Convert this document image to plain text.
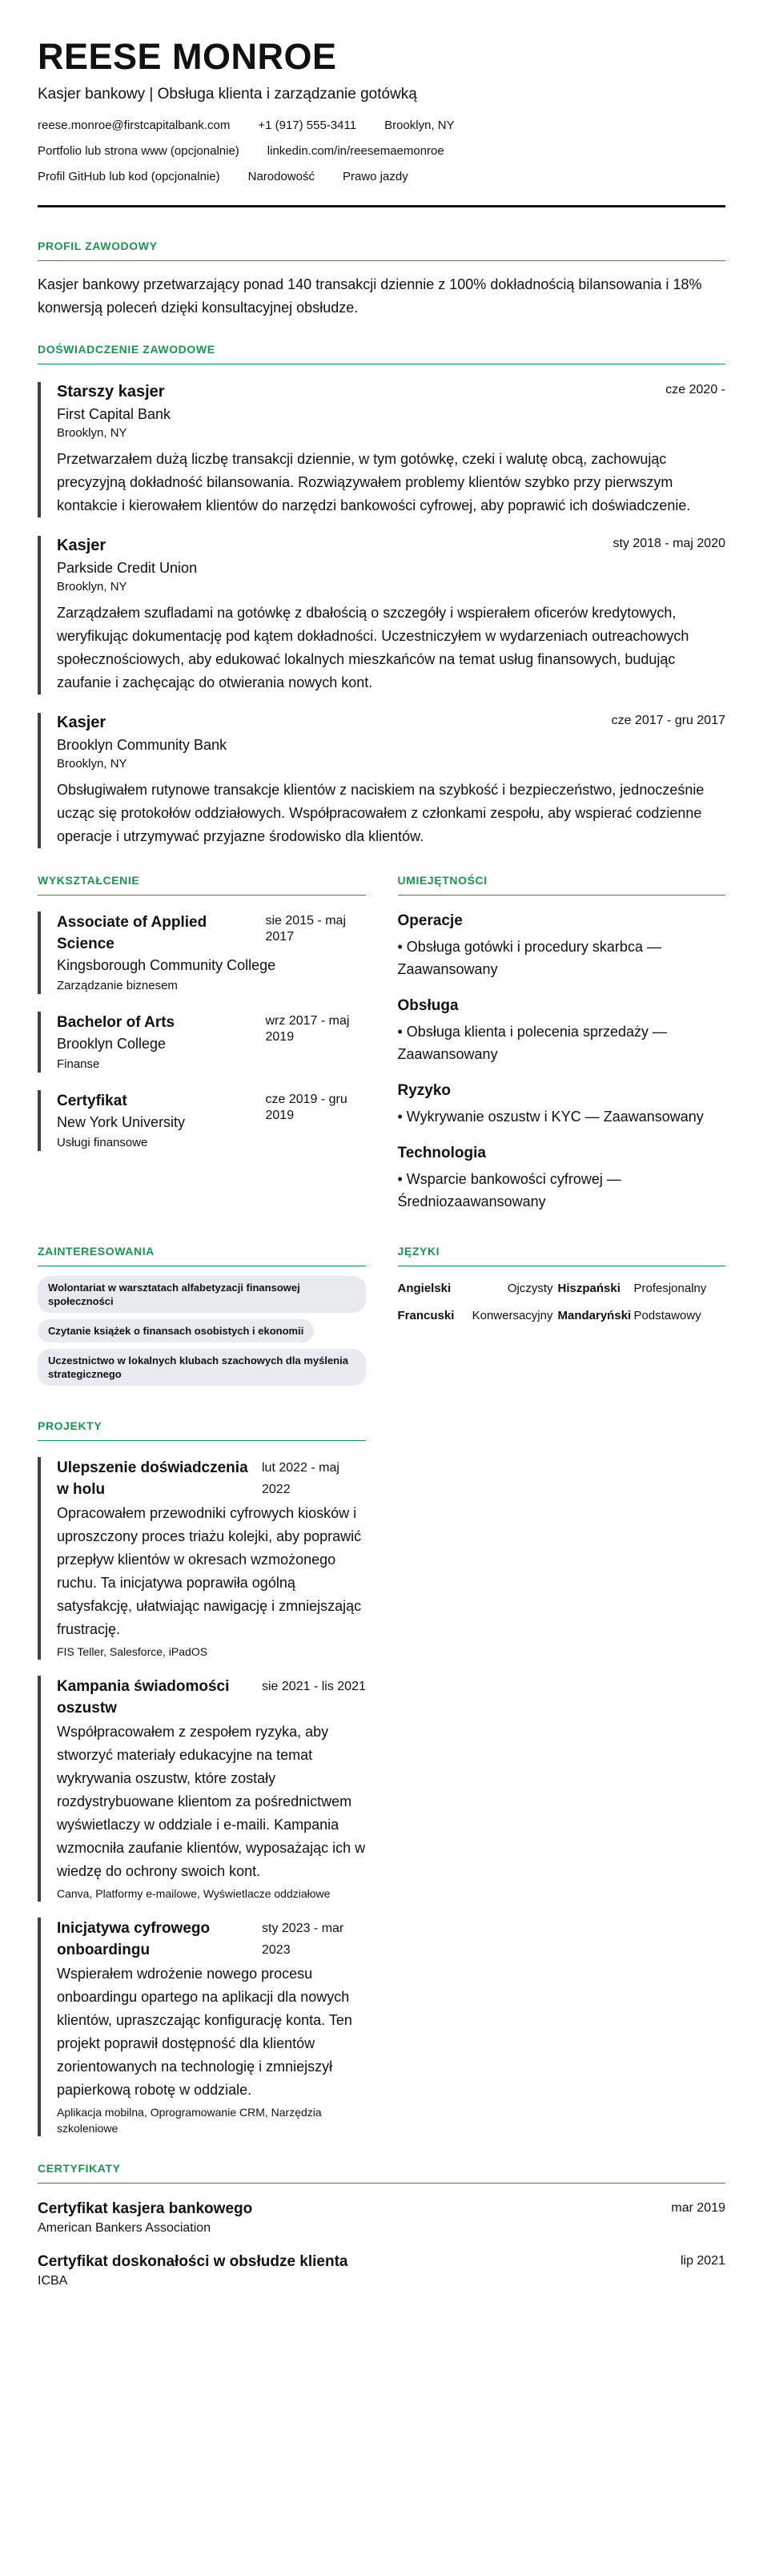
REESE MONROE
Kasjer bankowy | Obsługa klienta i zarządzanie gotówką
reese.monroe@firstcapitalbank.com +1 (917) 555-3411 Brooklyn, NY
Portfolio lub strona www (opcjonalnie) linkedin.com/in/reesemaemonroe
Profil GitHub lub kod (opcjonalnie) Narodowość Prawo jazdy
PROFIL ZAWODOWY
Kasjer bankowy przetwarzający ponad 140 transakcji dziennie z 100% dokładnością bilansowania i 18% konwersją poleceń dzięki konsultacyjnej obsłudze.
DOŚWIADCZENIE ZAWODOWE
Starszy kasjer	cze 2020 -
First Capital Bank
Brooklyn, NY
Przetwarzałem dużą liczbę transakcji dziennie, w tym gotówkę, czeki i walutę obcą, zachowując precyzyjną dokładność bilansowania. Rozwiązywałem problemy klientów szybko przy pierwszym kontakcie i kierowałem klientów do narzędzi bankowości cyfrowej, aby poprawić ich doświadczenie.
Kasjer	sty 2018 - maj 2020
Parkside Credit Union
Brooklyn, NY
Zarządzałem szufladami na gotówkę z dbałością o szczegóły i wspierałem oficerów kredytowych, weryfikując dokumentację pod kątem dokładności. Uczestniczyłem w wydarzeniach outreachowych społecznościowych, aby edukować lokalnych mieszkańców na temat usług finansowych, budując zaufanie i zachęcając do otwierania nowych kont.
Kasjer	cze 2017 - gru 2017
Brooklyn Community Bank
Brooklyn, NY
Obsługiwałem rutynowe transakcje klientów z naciskiem na szybkość i bezpieczeństwo, jednocześnie ucząc się protokołów oddziałowych. Współpracowałem z członkami zespołu, aby wspierać codzienne operacje i utrzymywać przyjazne środowisko dla klientów.
WYKSZTAŁCENIE
Associate of Applied Science
sie 2015 - maj 2017
Kingsborough Community College
Zarządzanie biznesem
Bachelor of Arts	wrz 2017 - maj 2019
Brooklyn College
Finanse
Certyfikat	cze 2019 - gru 2019
New York University
Usługi finansowe
UMIEJĘTNOŚCI
Operacje
• Obsługa gotówki i procedury skarbca — Zaawansowany
Obsługa
• Obsługa klienta i polecenia sprzedaży — Zaawansowany
Ryzyko
• Wykrywanie oszustw i KYC — Zaawansowany
Technologia
• Wsparcie bankowości cyfrowej — Średniozaawansowany
ZAINTERESOWANIA
Wolontariat w warsztatach alfabetyzacji finansowej społeczności
Czytanie książek o finansach osobistych i ekonomii
Uczestnictwo w lokalnych klubach szachowych dla myślenia strategicznego
JĘZYKI
Angielski	Ojczysty Hiszpański	Profesjonalny
Francuski	Konwersacyjny Mandaryński Podstawowy
PROJEKTY
Ulepszenie doświadczenia w holu
lut 2022 - maj 2022
Opracowałem przewodniki cyfrowych kiosków i uproszczony proces triażu kolejki, aby poprawić przepływ klientów w okresach wzmożonego ruchu. Ta inicjatywa poprawiła ogólną satysfakcję, ułatwiając nawigację i zmniejszając frustrację.
FIS Teller, Salesforce, iPadOS
Kampania świadomości oszustw
sie 2021 - lis 2021
Współpracowałem z zespołem ryzyka, aby stworzyć materiały edukacyjne na temat wykrywania oszustw, które zostały rozdystrybuowane klientom za pośrednictwem wyświetlaczy w oddziale i e-maili. Kampania wzmocniła zaufanie klientów, wyposażając ich w wiedzę do ochrony swoich kont.
Canva, Platformy e-mailowe, Wyświetlacze oddziałowe
Inicjatywa cyfrowego onboardingu
sty 2023 - mar 2023
Wspierałem wdrożenie nowego procesu onboardingu opartego na aplikacji dla nowych klientów, upraszczając konfigurację konta. Ten projekt poprawił dostępność dla klientów zorientowanych na technologię i zmniejszył papierkową robotę w oddziale.
Aplikacja mobilna, Oprogramowanie CRM, Narzędzia szkoleniowe
CERTYFIKATY
Certyfikat kasjera bankowego
American Bankers Association
mar 2019
Certyfikat doskonałości w obsłudze klienta
ICBA
lip 2021
